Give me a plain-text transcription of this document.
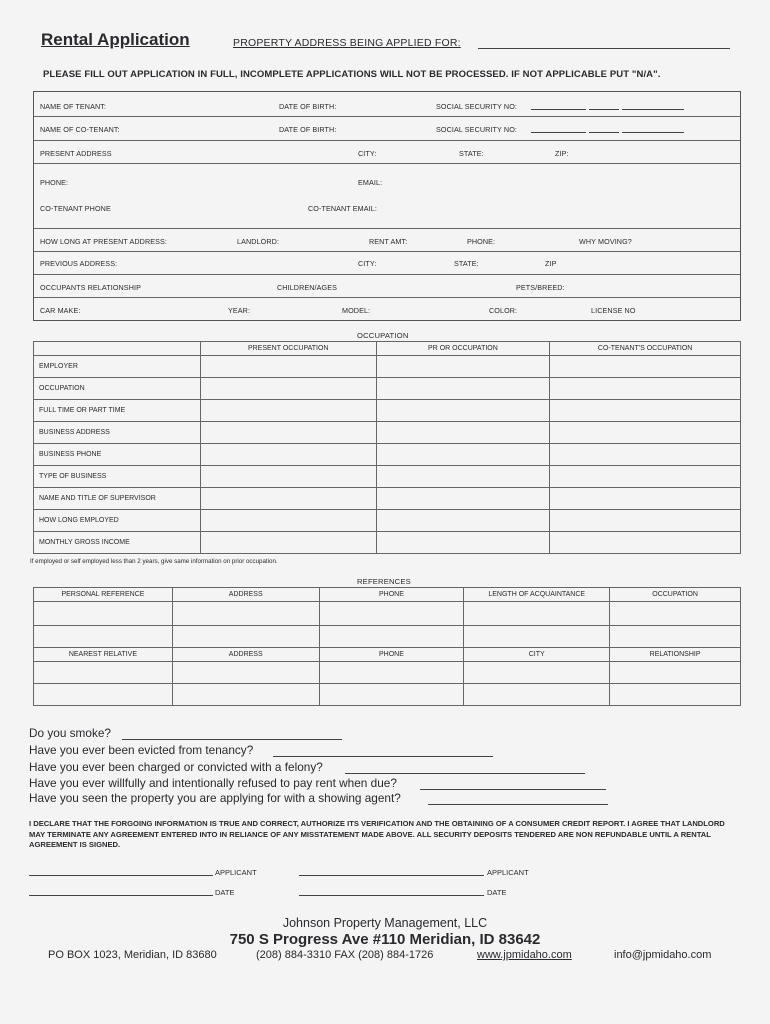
Rental Application	PROPERTY ADDRESS BEING APPLIED FOR:
PLEASE FILL OUT APPLICATION IN FULL, INCOMPLETE APPLICATIONS WILL NOT BE PROCESSED. IF NOT APPLICABLE PUT "N/A".
NAME OF TENANT:	DATE OF BIRTH:	SOCIAL SECURITY NO:
NAME OF CO-TENANT:	DATE OF BIRTH:	SOCIAL SECURITY NO:
PRESENT ADDRESS	CITY:	STATE:	ZIP:
PHONE:	EMAIL:
CO-TENANT PHONE	CO-TENANT EMAIL:
HOW LONG AT PRESENT ADDRESS:	LANDLORD:	RENT AMT:	PHONE:	WHY MOVING?
PREVIOUS ADDRESS:	CITY:	STATE:	ZIP
OCCUPANTS RELATIONSHIP	CHILDREN/AGES	PETS/BREED:
CAR MAKE:	YEAR:	MODEL:	COLOR:	LICENSE NO
OCCUPATION
	PRESENT OCCUPATION	PR OR OCCUPATION	CO-TENANT'S OCCUPATION
EMPLOYER			
OCCUPATION			
FULL TIME OR PART TIME			
BUSINESS ADDRESS			
BUSINESS PHONE			
TYPE OF BUSINESS			
NAME AND TITLE OF SUPERVISOR			
HOW LONG EMPLOYED			
MONTHLY GROSS INCOME			
If employed or self employed less than 2 years, give same information on prior occupation.
REFERENCES
PERSONAL REFERENCE	ADDRESS	PHONE	LENGTH OF ACQUAINTANCE	OCCUPATION

NEAREST RELATIVE	ADDRESS	PHONE	CITY	RELATIONSHIP

Do you smoke?
Have you ever been evicted from tenancy?
Have you ever been charged or convicted with a felony?
Have you ever willfully and intentionally refused to pay rent when due?
Have you seen the property you are applying for with a showing agent?
I DECLARE THAT THE FORGOING INFORMATION IS TRUE AND CORRECT, AUTHORIZE ITS VERIFICATION AND THE OBTAINING OF A CONSUMER CREDIT REPORT. I AGREE THAT LANDLORD MAY TERMINATE ANY AGREEMENT ENTERED INTO IN RELIANCE OF ANY MISSTATEMENT MADE ABOVE. ALL SECURITY DEPOSITS TENDERED ARE NON REFUNDABLE UNTIL A RENTAL AGREEMENT IS SIGNED.
APPLICANT	APPLICANT
DATE	DATE
Johnson Property Management, LLC
750 S Progress Ave #110 Meridian, ID 83642
PO BOX 1023, Meridian, ID 83680	(208) 884-3310 FAX (208) 884-1726	www.jpmidaho.com	info@jpmidaho.com
